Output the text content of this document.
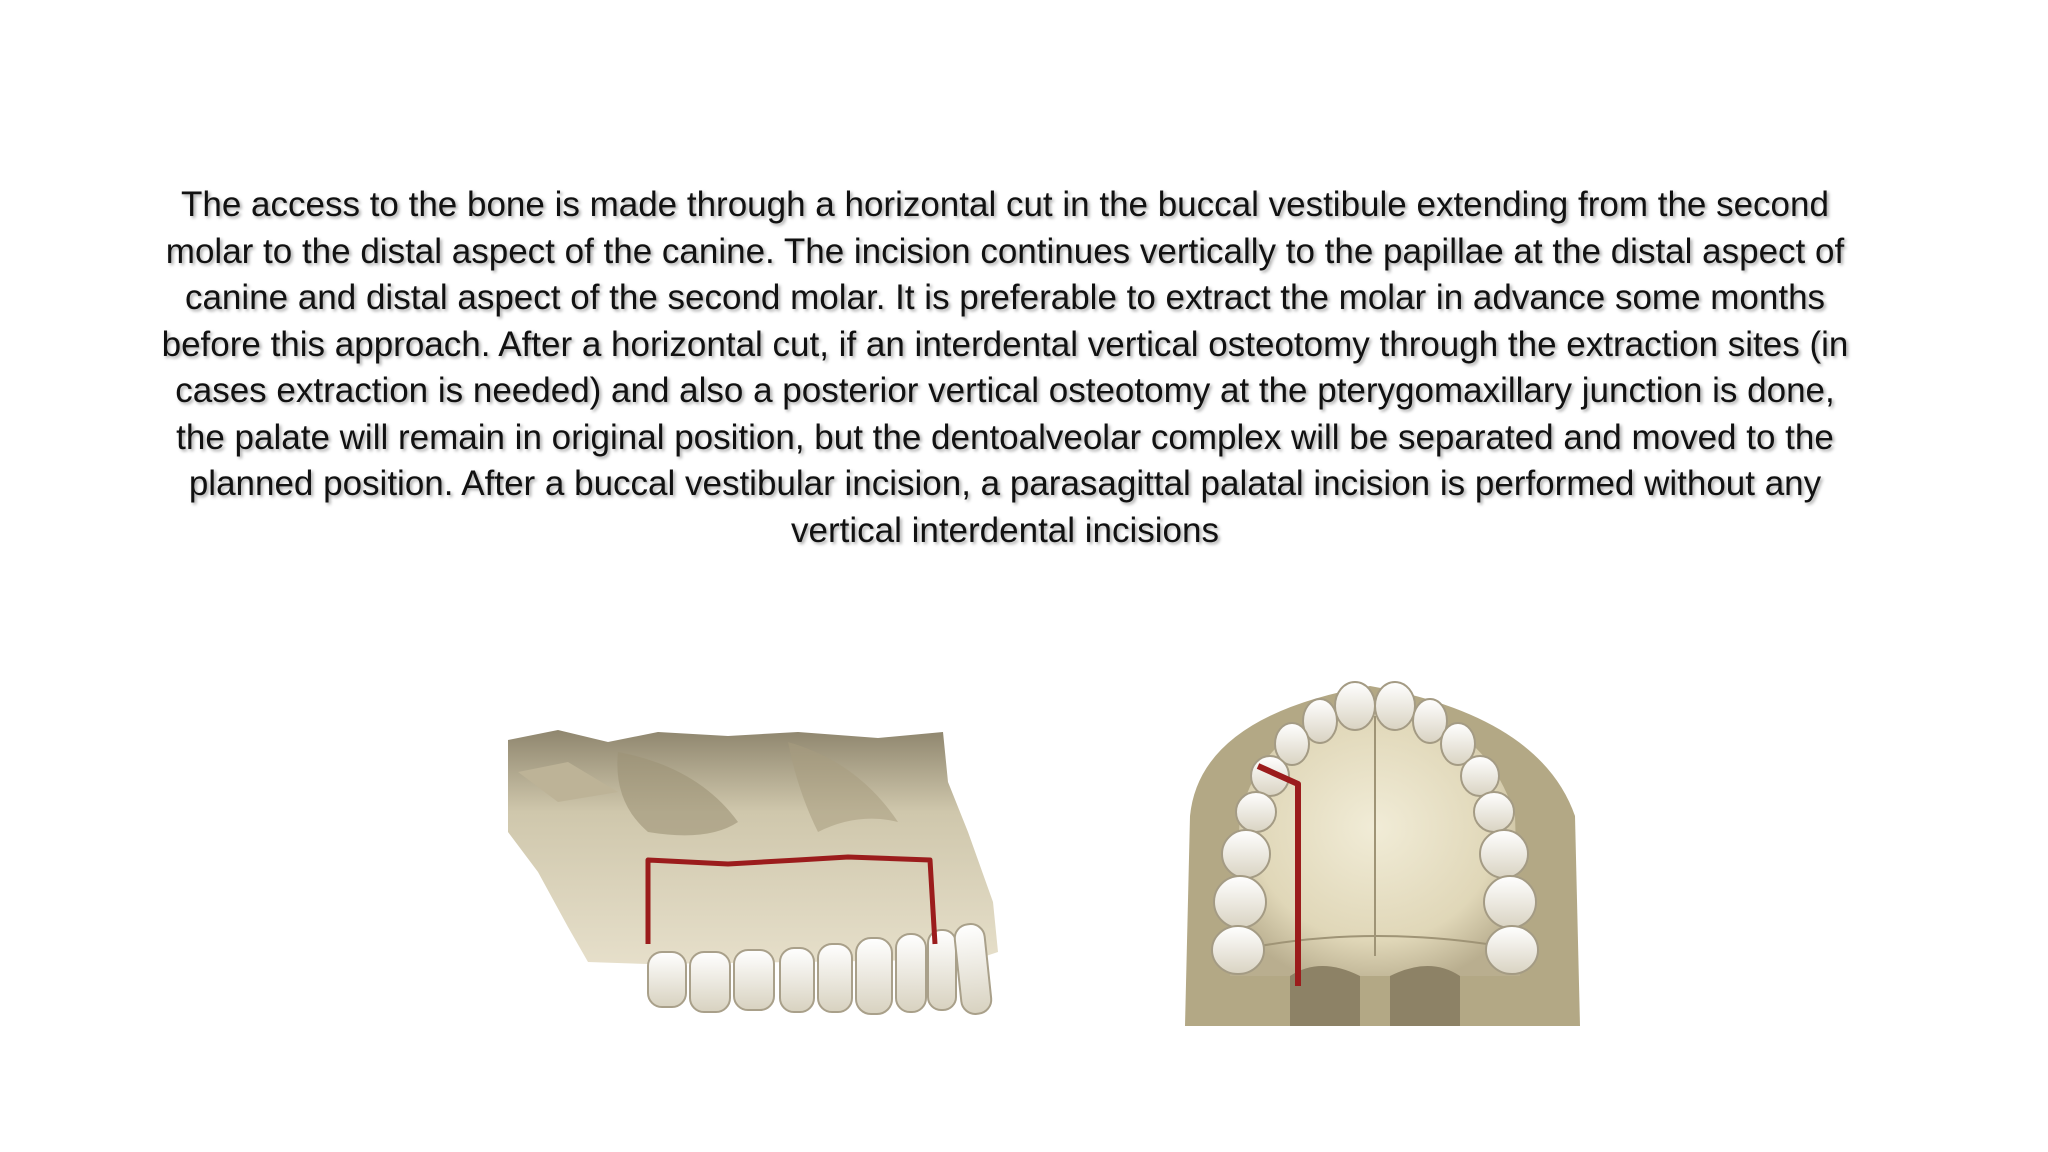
The access to the bone is made through a horizontal cut in the buccal vestibule extending from the second molar to the distal aspect of the canine. The incision continues vertically to the papillae at the distal aspect of canine and distal aspect of the second molar. It is preferable to extract the molar in advance some months before this approach. After a horizontal cut, if an interdental vertical osteotomy through the extraction sites (in cases extraction is needed) and also a posterior vertical osteotomy at the pterygomaxillary junction is done, the palate will remain in original position, but the dentoalveolar complex will be separated and moved to the planned position. After a buccal vestibular incision, a parasagittal palatal incision is performed without any vertical interdental incisions
